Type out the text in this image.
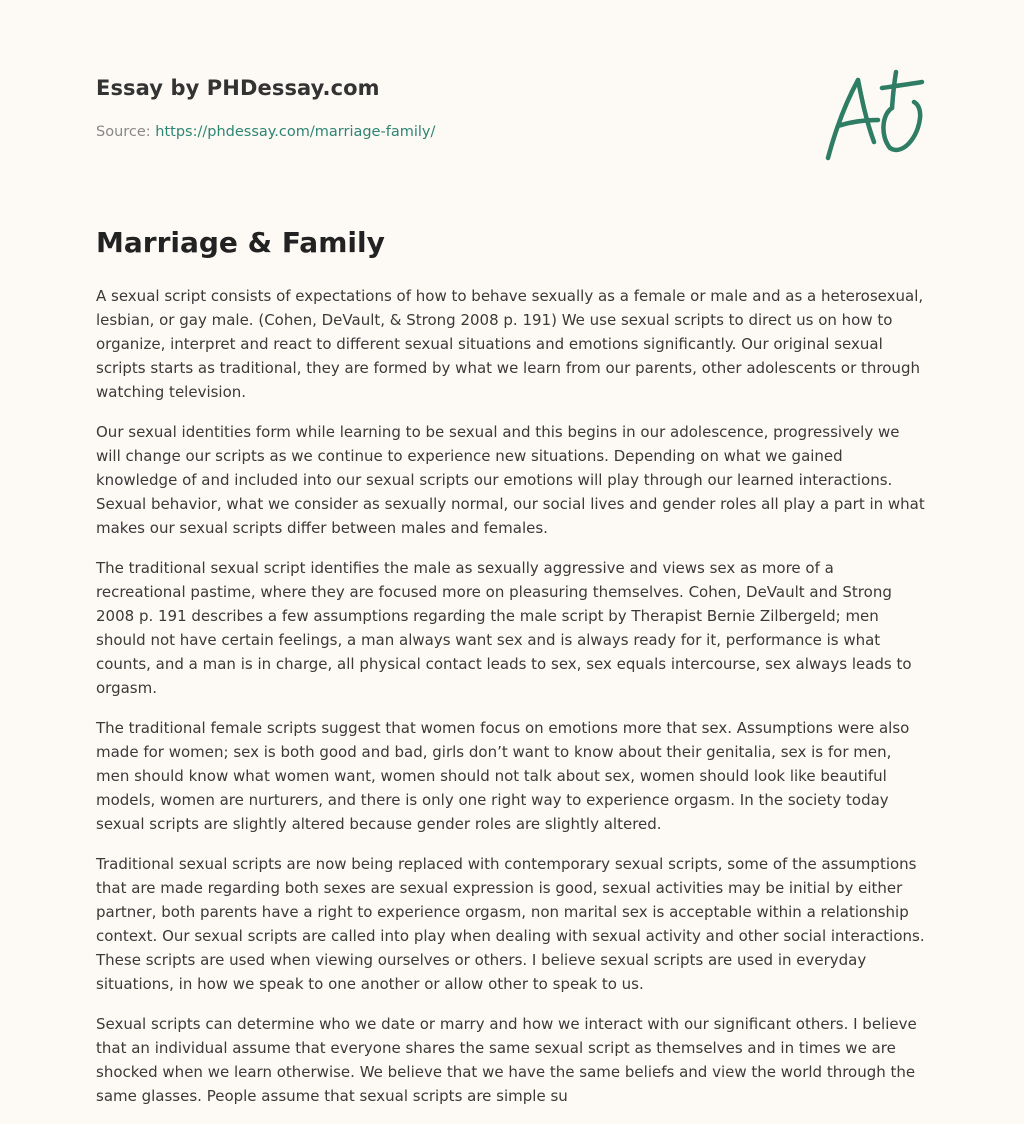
Essay by PHDessay.com
Source: https://phdessay.com/marriage-family/
Marriage & Family

A sexual script consists of expectations of how to behave sexually as a female or male and as a heterosexual, lesbian, or gay male. (Cohen, DeVault, & Strong 2008 p. 191) We use sexual scripts to direct us on how to organize, interpret and react to different sexual situations and emotions significantly. Our original sexual scripts starts as traditional, they are formed by what we learn from our parents, other adolescents or through watching television.

Our sexual identities form while learning to be sexual and this begins in our adolescence, progressively we will change our scripts as we continue to experience new situations. Depending on what we gained knowledge of and included into our sexual scripts our emotions will play through our learned interactions. Sexual behavior, what we consider as sexually normal, our social lives and gender roles all play a part in what makes our sexual scripts differ between males and females.

The traditional sexual script identifies the male as sexually aggressive and views sex as more of a recreational pastime, where they are focused more on pleasuring themselves. Cohen, DeVault and Strong 2008 p. 191 describes a few assumptions regarding the male script by Therapist Bernie Zilbergeld; men should not have certain feelings, a man always want sex and is always ready for it, performance is what counts, and a man is in charge, all physical contact leads to sex, sex equals intercourse, sex always leads to orgasm.

The traditional female scripts suggest that women focus on emotions more that sex. Assumptions were also made for women; sex is both good and bad, girls don’t want to know about their genitalia, sex is for men, men should know what women want, women should not talk about sex, women should look like beautiful models, women are nurturers, and there is only one right way to experience orgasm. In the society today sexual scripts are slightly altered because gender roles are slightly altered.

Traditional sexual scripts are now being replaced with contemporary sexual scripts, some of the assumptions that are made regarding both sexes are sexual expression is good, sexual activities may be initial by either partner, both parents have a right to experience orgasm, non marital sex is acceptable within a relationship context. Our sexual scripts are called into play when dealing with sexual activity and other social interactions. These scripts are used when viewing ourselves or others. I believe sexual scripts are used in everyday situations, in how we speak to one another or allow other to speak to us.

Sexual scripts can determine who we date or marry and how we interact with our significant others. I believe that an individual assume that everyone shares the same sexual script as themselves and in times we are shocked when we learn otherwise. We believe that we have the same beliefs and view the world through the same glasses. People assume that sexual scripts are simple su
